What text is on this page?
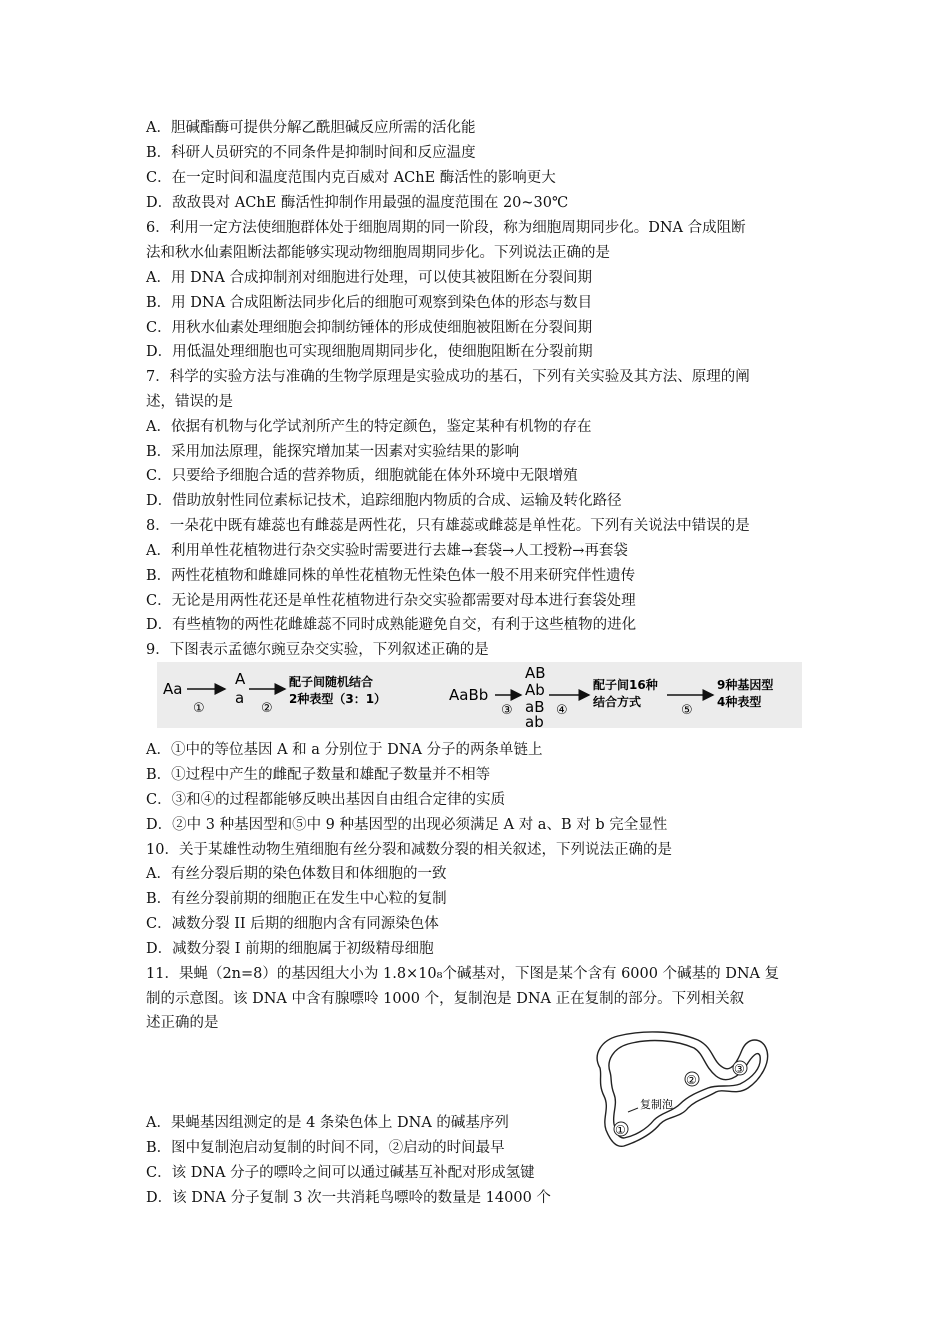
A．胆碱酯酶可提供分解乙酰胆碱反应所需的活化能
B．科研人员研究的不同条件是抑制时间和反应温度
C．在一定时间和温度范围内克百威对 AChE 酶活性的影响更大
D．敌敌畏对 AChE 酶活性抑制作用最强的温度范围在 20~30℃
6．利用一定方法使细胞群体处于细胞周期的同一阶段，称为细胞周期同步化。DNA 合成阻断
法和秋水仙素阻断法都能够实现动物细胞周期同步化。下列说法正确的是
A．用 DNA 合成抑制剂对细胞进行处理，可以使其被阻断在分裂间期
B．用 DNA 合成阻断法同步化后的细胞可观察到染色体的形态与数目
C．用秋水仙素处理细胞会抑制纺锤体的形成使细胞被阻断在分裂间期
D．用低温处理细胞也可实现细胞周期同步化，使细胞阻断在分裂前期
7．科学的实验方法与准确的生物学原理是实验成功的基石，下列有关实验及其方法、原理的阐
述，错误的是
A．依据有机物与化学试剂所产生的特定颜色，鉴定某种有机物的存在
B．采用加法原理，能探究增加某一因素对实验结果的影响
C．只要给予细胞合适的营养物质，细胞就能在体外环境中无限增殖
D．借助放射性同位素标记技术，追踪细胞内物质的合成、运输及转化路径
8．一朵花中既有雄蕊也有雌蕊是两性花，只有雄蕊或雌蕊是单性花。下列有关说法中错误的是
A．利用单性花植物进行杂交实验时需要进行去雄→套袋→人工授粉→再套袋
B．两性花植物和雌雄同株的单性花植物无性染色体一般不用来研究伴性遗传
C．无论是用两性花还是单性花植物进行杂交实验都需要对母本进行套袋处理
D．有些植物的两性花雌雄蕊不同时成熟能避免自交，有利于这些植物的进化
9．下图表示孟德尔豌豆杂交实验，下列叙述正确的是
Aa
①
A
a
②
配子间随机结合
2种表型（3：1）	AaBb
③
AB
Ab
aB
ab
④
配子间16种
结合方式
⑤
9种基因型
4种表型
A．①中的等位基因 A 和 a 分别位于 DNA 分子的两条单链上
B．①过程中产生的雌配子数量和雄配子数量并不相等
C．③和④的过程都能够反映出基因自由组合定律的实质
D．②中 3 种基因型和⑤中 9 种基因型的出现必须满足 A 对 a、B 对 b 完全显性
10．关于某雄性动物生殖细胞有丝分裂和减数分裂的相关叙述，下列说法正确的是
A．有丝分裂后期的染色体数目和体细胞的一致
B．有丝分裂前期的细胞正在发生中心粒的复制
C．减数分裂 II 后期的细胞内含有同源染色体
D．减数分裂 I 前期的细胞属于初级精母细胞
11．果蝇（2n=8）的基因组大小为 1.8×10₈个碱基对，下图是某个含有 6000 个碱基的 DNA 复
制的示意图。该 DNA 中含有腺嘌呤 1000 个，复制泡是 DNA 正在复制的部分。下列相关叙
述正确的是
①
②
③
复制泡
A．果蝇基因组测定的是 4 条染色体上 DNA 的碱基序列
B．图中复制泡启动复制的时间不同，②启动的时间最早
C．该 DNA 分子的嘌呤之间可以通过碱基互补配对形成氢键
D．该 DNA 分子复制 3 次一共消耗鸟嘌呤的数量是 14000 个
